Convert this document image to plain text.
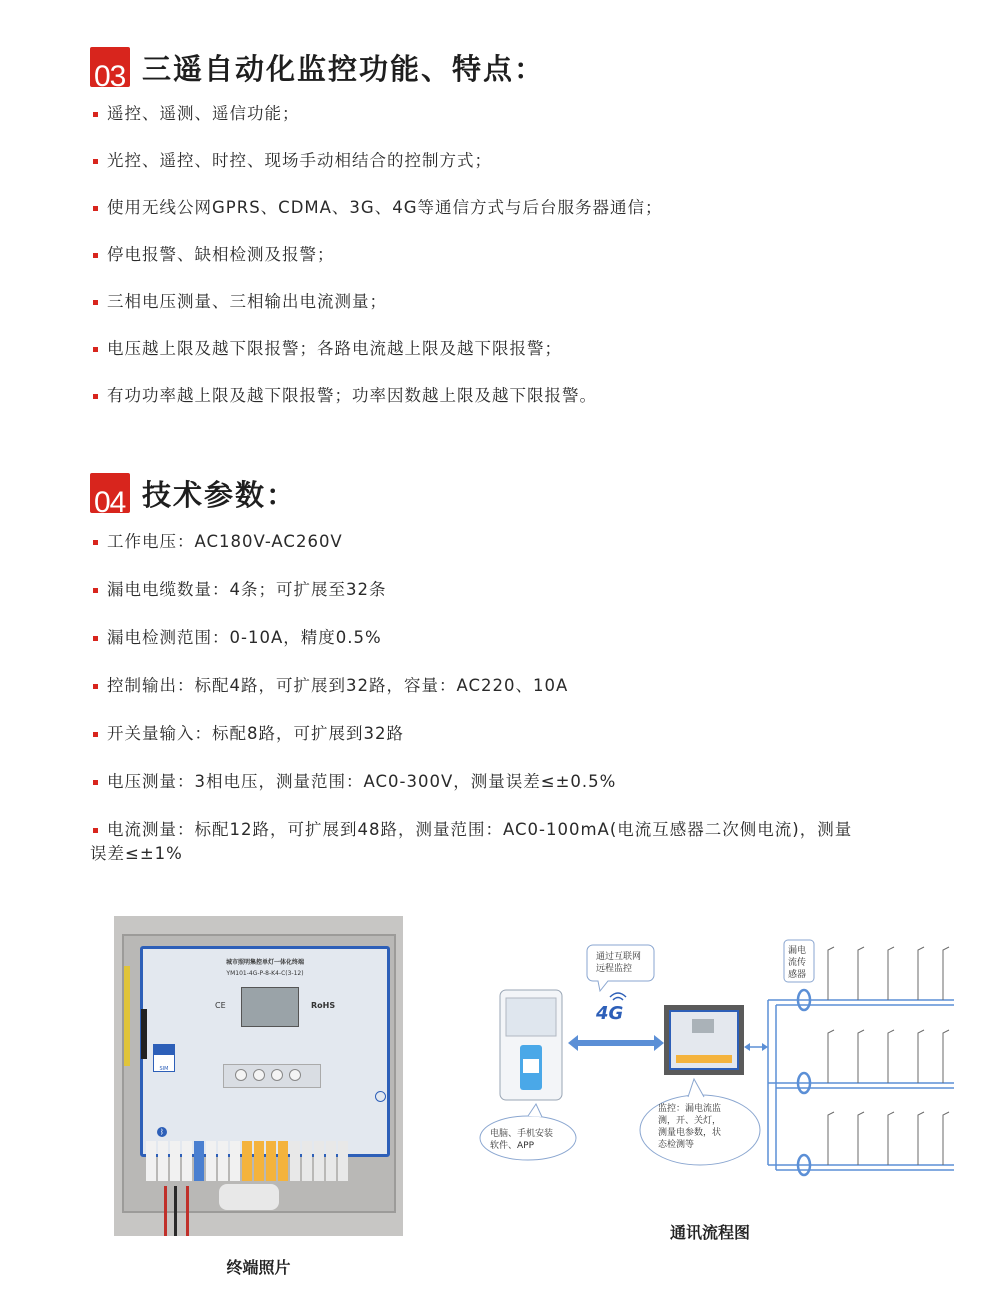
03 三遥自动化监控功能、特点：
遥控、遥测、遥信功能；
光控、遥控、时控、现场手动相结合的控制方式；
使用无线公网GPRS、CDMA、3G、4G等通信方式与后台服务器通信；
停电报警、缺相检测及报警；
三相电压测量、三相输出电流测量；
电压越上限及越下限报警；各路电流越上限及越下限报警；
有功功率越上限及越下限报警；功率因数越上限及越下限报警。
04 技术参数：
工作电压：AC180V-AC260V
漏电电缆数量：4条；可扩展至32条
漏电检测范围：0-10A，精度0.5%
控制输出：标配4路，可扩展到32路，容量：AC220、10A
开关量输入：标配8路，可扩展到32路
电压测量：3相电压，测量范围：AC0-300V，测量误差≤±0.5%
电流测量：标配12路，可扩展到48路，测量范围：AC0-100mA(电流互感器二次侧电流)，测量误差≤±1%
城市照明集控单灯一体化终端
YM101-4G-P-8-K4-C(3-12)
CE	RoHS
SIM
ᛒ
终端照片
通过互联网
远程监控
4G
电脑、手机安装
软件、APP
监控：漏电流监
测，开、关灯，
测量电参数，状
态检测等
漏电
流传
感器
通讯流程图
